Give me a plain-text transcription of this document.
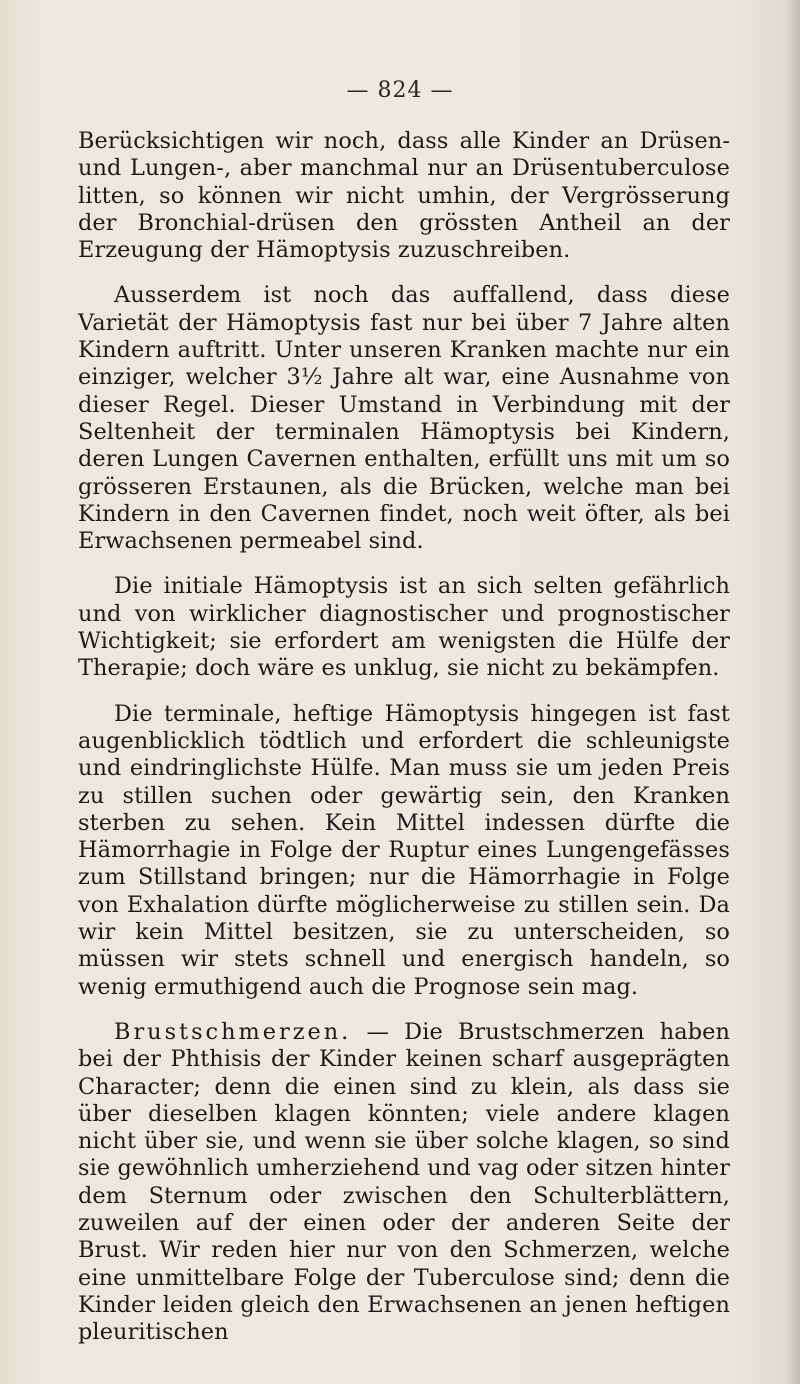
— 824 —

Berücksichtigen wir noch, dass alle Kinder an Drüsen- und Lungen-, aber manchmal nur an Drüsentuberculose litten, so können wir nicht umhin, der Vergrösserung der Bronchial-drüsen den grössten Antheil an der Erzeugung der Hämoptysis zuzuschreiben.

Ausserdem ist noch das auffallend, dass diese Varietät der Hämoptysis fast nur bei über 7 Jahre alten Kindern auftritt. Unter unseren Kranken machte nur ein einziger, welcher 3½ Jahre alt war, eine Ausnahme von dieser Regel. Dieser Umstand in Verbindung mit der Seltenheit der terminalen Hämoptysis bei Kindern, deren Lungen Cavernen enthalten, erfüllt uns mit um so grösseren Erstaunen, als die Brücken, welche man bei Kindern in den Cavernen findet, noch weit öfter, als bei Erwachsenen permeabel sind.

Die initiale Hämoptysis ist an sich selten gefährlich und von wirklicher diagnostischer und prognostischer Wichtigkeit; sie erfordert am wenigsten die Hülfe der Therapie; doch wäre es unklug, sie nicht zu bekämpfen.

Die terminale, heftige Hämoptysis hingegen ist fast augenblicklich tödtlich und erfordert die schleunigste und eindringlichste Hülfe. Man muss sie um jeden Preis zu stillen suchen oder gewärtig sein, den Kranken sterben zu sehen. Kein Mittel indessen dürfte die Hämorrhagie in Folge der Ruptur eines Lungengefässes zum Stillstand bringen; nur die Hämorrhagie in Folge von Exhalation dürfte möglicherweise zu stillen sein. Da wir kein Mittel besitzen, sie zu unterscheiden, so müssen wir stets schnell und energisch handeln, so wenig ermuthigend auch die Prognose sein mag.

Brustschmerzen. — Die Brustschmerzen haben bei der Phthisis der Kinder keinen scharf ausgeprägten Character; denn die einen sind zu klein, als dass sie über dieselben klagen könnten; viele andere klagen nicht über sie, und wenn sie über solche klagen, so sind sie gewöhnlich umherziehend und vag oder sitzen hinter dem Sternum oder zwischen den Schulterblättern, zuweilen auf der einen oder der anderen Seite der Brust. Wir reden hier nur von den Schmerzen, welche eine unmittelbare Folge der Tuberculose sind; denn die Kinder leiden gleich den Erwachsenen an jenen heftigen pleuritischen
